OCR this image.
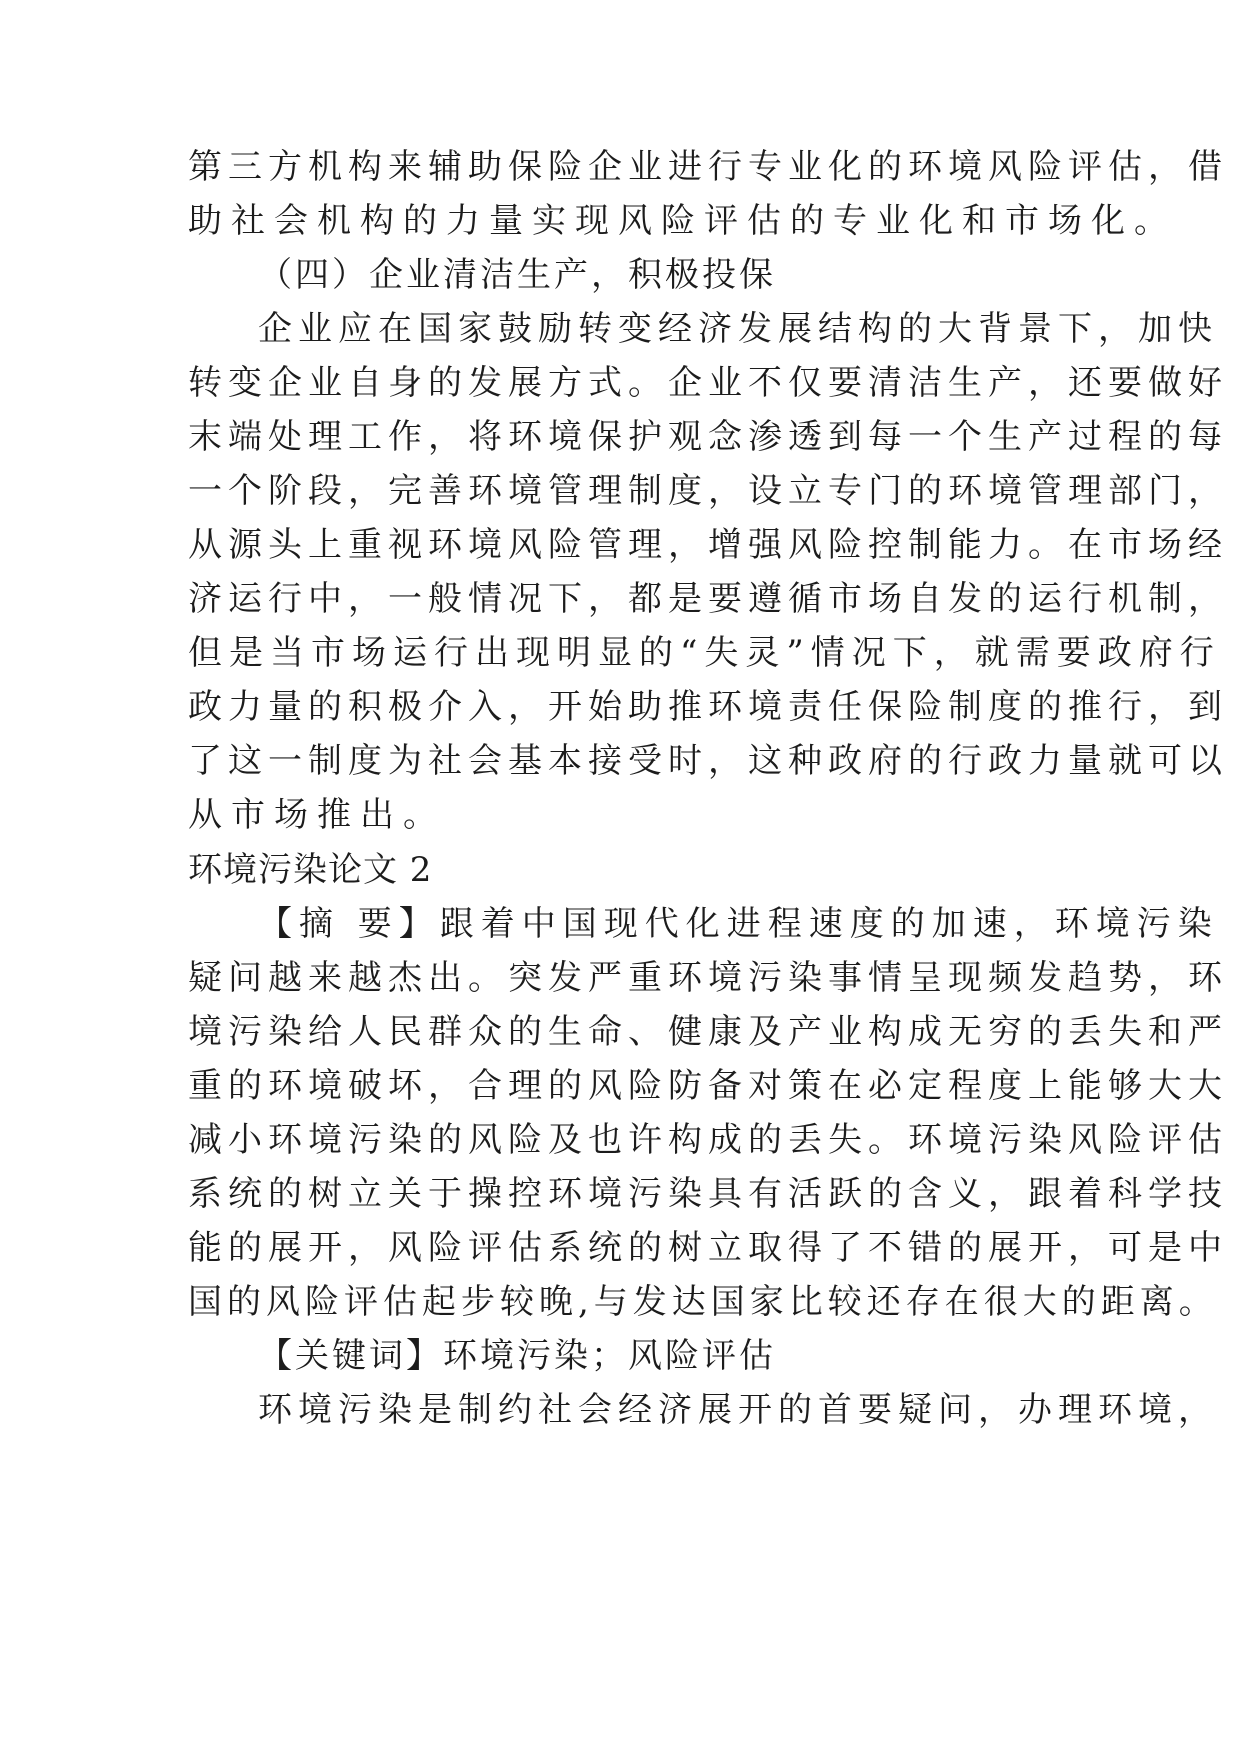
第三方机构来辅助保险企业进行专业化的环境风险评估，借
助社会机构的力量实现风险评估的专业化和市场化。
（四）企业清洁生产，积极投保
企业应在国家鼓励转变经济发展结构的大背景下，加快
转变企业自身的发展方式。企业不仅要清洁生产，还要做好
末端处理工作，将环境保护观念渗透到每一个生产过程的每
一个阶段，完善环境管理制度，设立专门的环境管理部门，
从源头上重视环境风险管理，增强风险控制能力。在市场经
济运行中，一般情况下，都是要遵循市场自发的运行机制，
但是当市场运行出现明显的“失灵”情况下，就需要政府行
政力量的积极介入，开始助推环境责任保险制度的推行，到
了这一制度为社会基本接受时，这种政府的行政力量就可以
从市场推出。
环境污染论文 2
【摘 要】跟着中国现代化进程速度的加速，环境污染
疑问越来越杰出。突发严重环境污染事情呈现频发趋势，环
境污染给人民群众的生命、健康及产业构成无穷的丢失和严
重的环境破坏，合理的风险防备对策在必定程度上能够大大
减小环境污染的风险及也许构成的丢失。环境污染风险评估
系统的树立关于操控环境污染具有活跃的含义，跟着科学技
能的展开，风险评估系统的树立取得了不错的展开，可是中
国的风险评估起步较晚,与发达国家比较还存在很大的距离。
【关键词】环境污染；风险评估
环境污染是制约社会经济展开的首要疑问，办理环境，
